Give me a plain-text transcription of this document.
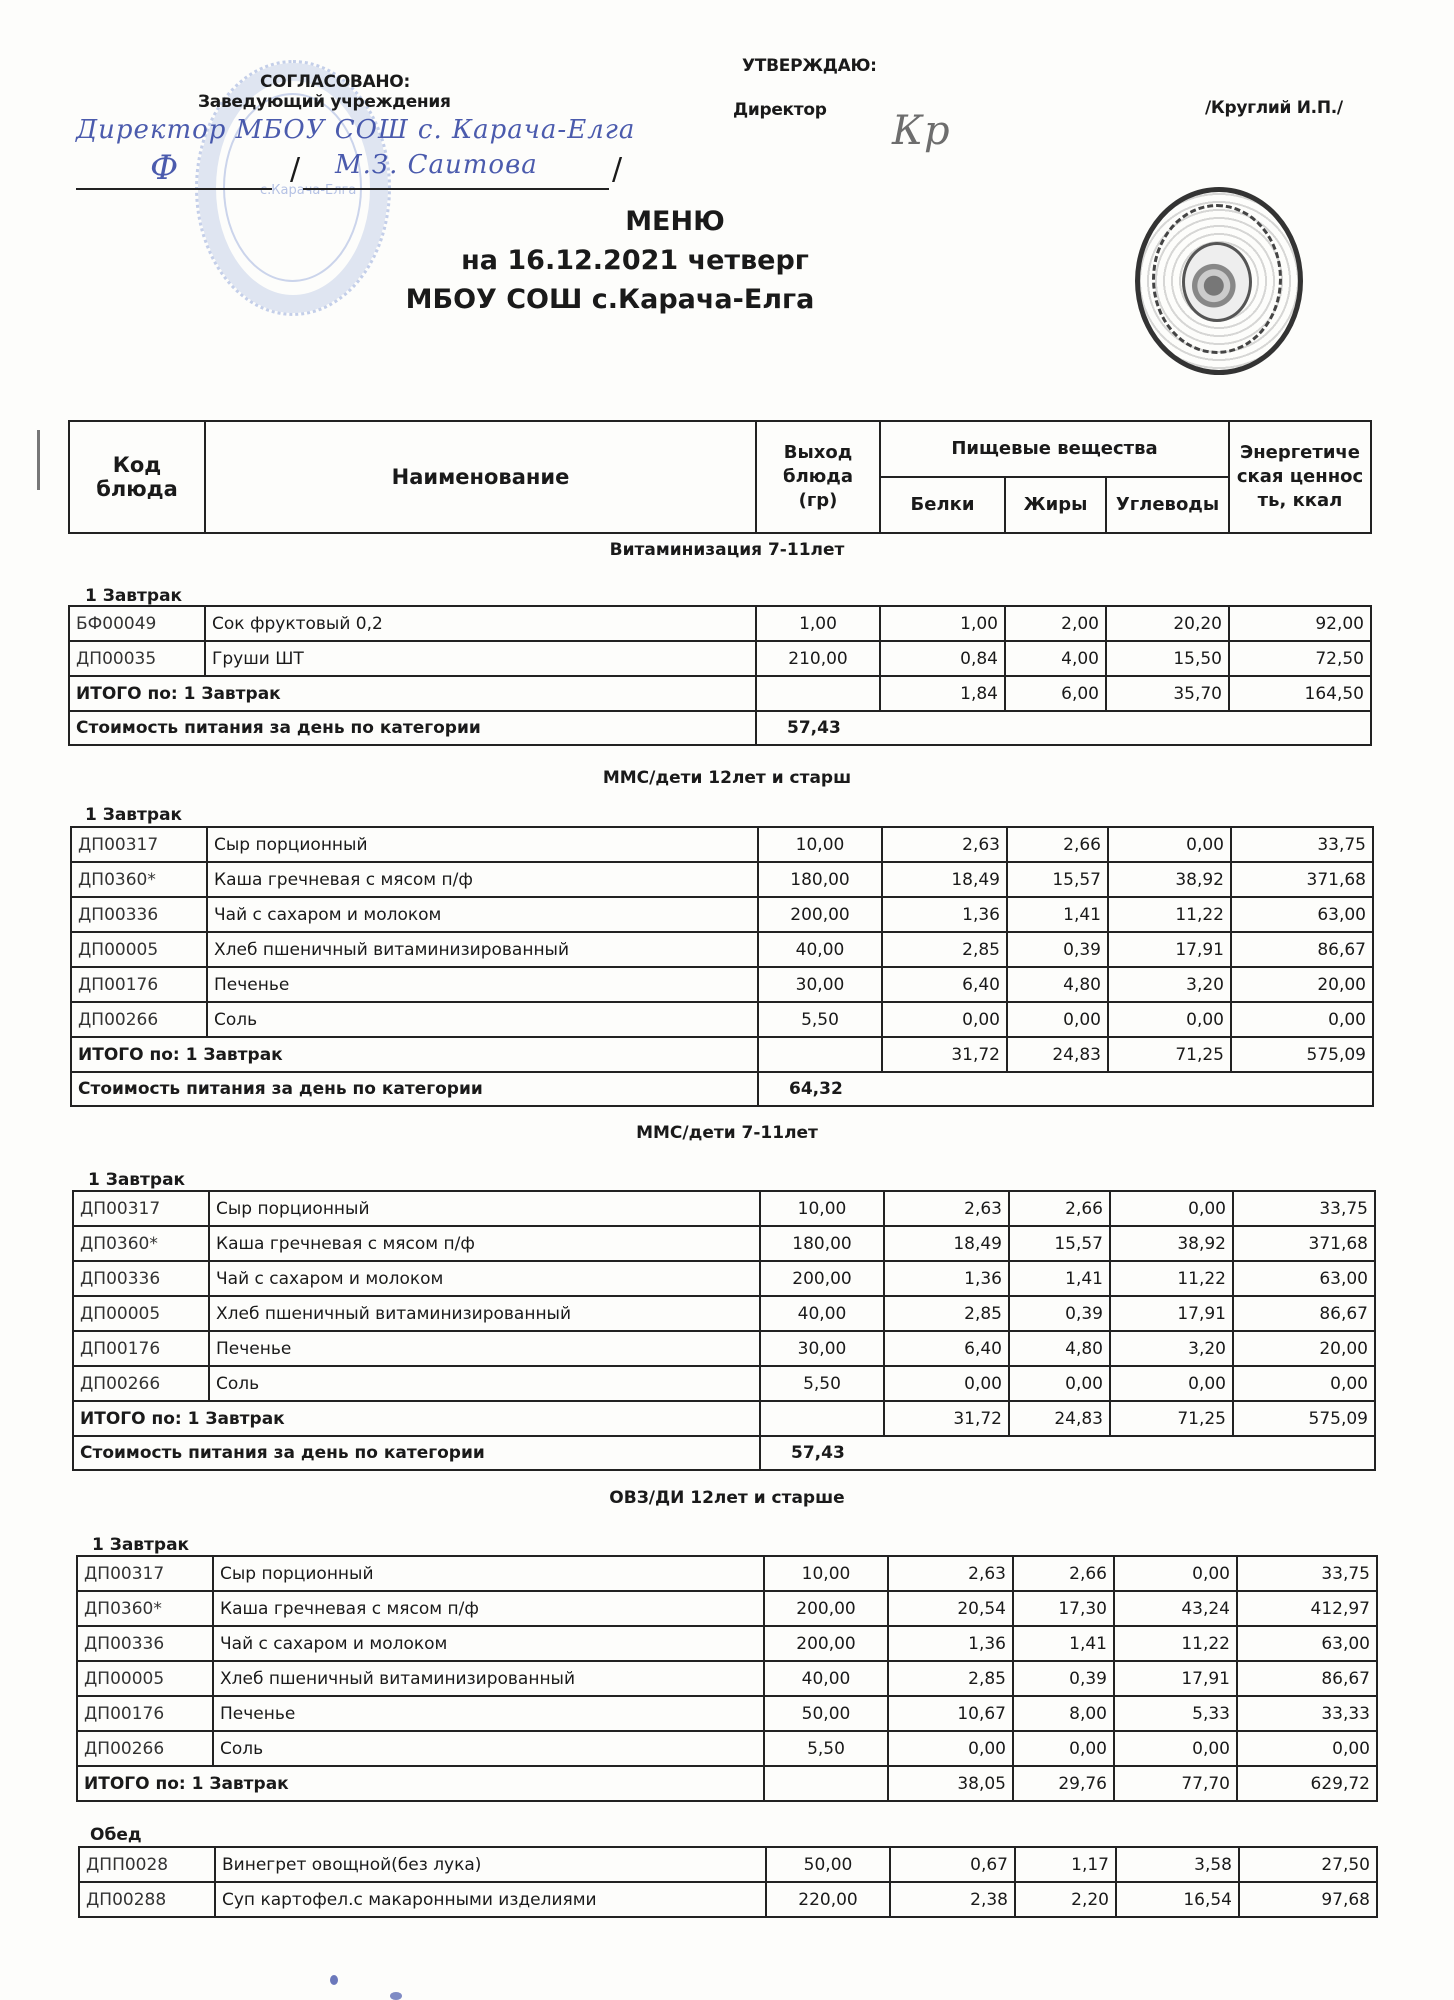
с.Карача-Елга
СОГЛАСОВАНО:
Заведующий учреждения
Директор МБОУ СОШ с. Карача-Елга
Ф	/ М.З. Саитова /
УТВЕРЖДАЮ:
Директор Кр	/Круглий И.П./
МЕНЮ
на 16.12.2021 четверг
МБОУ СОШ с.Карача-Елга
Код блюда	Наименование	Выход блюда (гр)	Пищевые вещества			Энергетическая ценность, ккал
			Белки	Жиры	Углеводы	
Витаминизация 7-11лет
1 Завтрак
БФ00049	Сок фруктовый 0,2	1,00	1,00	2,00	20,20	92,00
ДП00035	Груши ШТ	210,00	0,84	4,00	15,50	72,50
ИТОГО по: 1 Завтрак			1,84	6,00	35,70	164,50
Стоимость питания за день по категории		57,43				
ММС/дети 12лет и старш
1 Завтрак
ДП00317	Сыр порционный	10,00	2,63	2,66	0,00	33,75
ДП0360*	Каша гречневая с мясом п/ф	180,00	18,49	15,57	38,92	371,68
ДП00336	Чай с сахаром и молоком	200,00	1,36	1,41	11,22	63,00
ДП00005	Хлеб пшеничный витаминизированный	40,00	2,85	0,39	17,91	86,67
ДП00176	Печенье	30,00	6,40	4,80	3,20	20,00
ДП00266	Соль	5,50	0,00	0,00	0,00	0,00
ИТОГО по: 1 Завтрак			31,72	24,83	71,25	575,09
Стоимость питания за день по категории		64,32				
ММС/дети 7-11лет
1 Завтрак
ДП00317	Сыр порционный	10,00	2,63	2,66	0,00	33,75
ДП0360*	Каша гречневая с мясом п/ф	180,00	18,49	15,57	38,92	371,68
ДП00336	Чай с сахаром и молоком	200,00	1,36	1,41	11,22	63,00
ДП00005	Хлеб пшеничный витаминизированный	40,00	2,85	0,39	17,91	86,67
ДП00176	Печенье	30,00	6,40	4,80	3,20	20,00
ДП00266	Соль	5,50	0,00	0,00	0,00	0,00
ИТОГО по: 1 Завтрак			31,72	24,83	71,25	575,09
Стоимость питания за день по категории		57,43				
ОВЗ/ДИ 12лет и старше
1 Завтрак
ДП00317	Сыр порционный	10,00	2,63	2,66	0,00	33,75
ДП0360*	Каша гречневая с мясом п/ф	200,00	20,54	17,30	43,24	412,97
ДП00336	Чай с сахаром и молоком	200,00	1,36	1,41	11,22	63,00
ДП00005	Хлеб пшеничный витаминизированный	40,00	2,85	0,39	17,91	86,67
ДП00176	Печенье	50,00	10,67	8,00	5,33	33,33
ДП00266	Соль	5,50	0,00	0,00	0,00	0,00
ИТОГО по: 1 Завтрак			38,05	29,76	77,70	629,72
Обед
ДПП0028	Винегрет овощной(без лука)	50,00	0,67	1,17	3,58	27,50
ДП00288	Суп картофел.с макаронными изделиями	220,00	2,38	2,20	16,54	97,68
